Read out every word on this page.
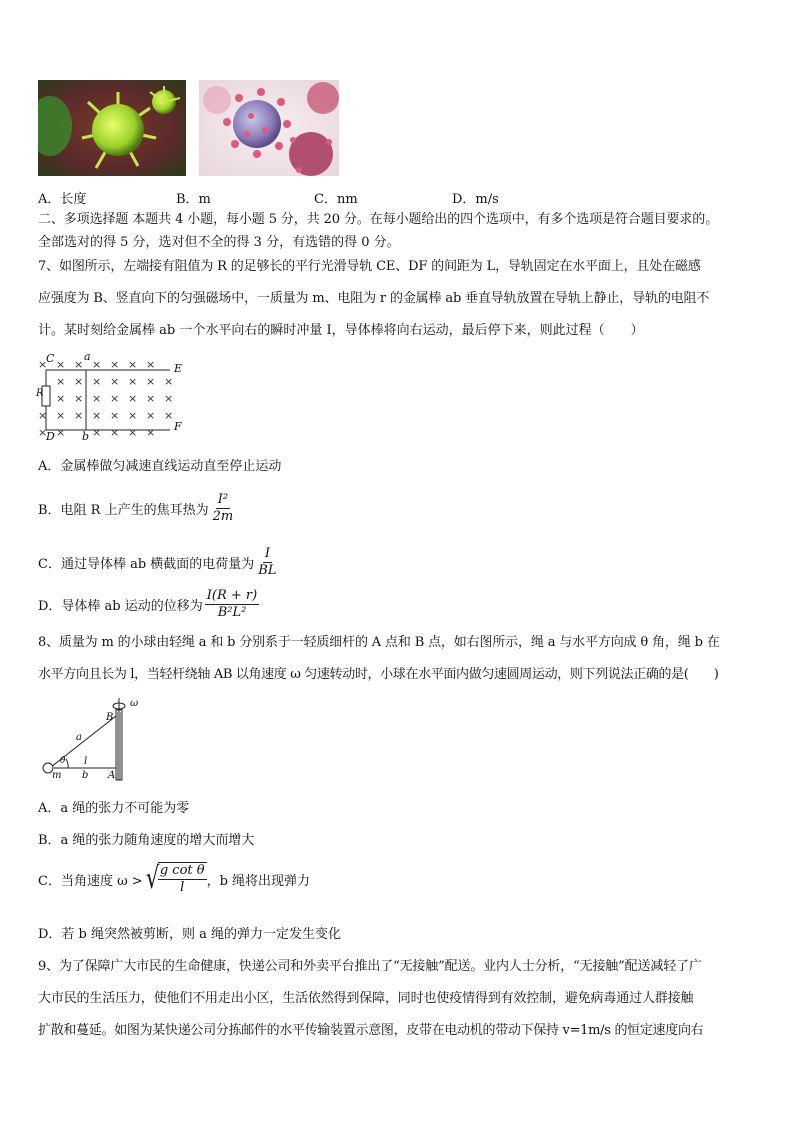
A．长度	B．m	C．nm	D．m/s
二、多项选择题 本题共 4 小题，每小题 5 分，共 20 分。在每小题给出的四个选项中，有多个选项是符合题目要求的。
全部选对的得 5 分，选对但不全的得 3 分，有选错的得 0 分。
7、如图所示，左端接有阻值为 R 的足够长的平行光滑导轨 CE、DF 的间距为 L，导轨固定在水平面上，且处在磁感
应强度为 B、竖直向下的匀强磁场中，一质量为 m、电阻为 r 的金属棒 ab 垂直导轨放置在导轨上静止，导轨的电阻不
计。某时刻给金属棒 ab 一个水平向右的瞬时冲量 I，导体棒将向右运动，最后停下来，则此过程（　　）
× × × × × × ×
× × × × × × ×
× × × × × × ×
× × × × × × × ×
× × × × × ×
C	a
E
R
D b
F
A．金属棒做匀减速直线运动直至停止运动
B．电阻 R 上产生的焦耳热为 $\frac{\text{I²}}{2m}$
C．通过导体棒 ab 横截面的电荷量为 $\frac{I}{BL}$
D．导体棒 ab 运动的位移为 $\frac{I(R + r)}{\text{B²L²}}$
8、质量为 m 的小球由轻绳 a 和 b 分别系于一轻质细杆的 A 点和 B 点，如右图所示，绳 a 与水平方向成 θ 角，绳 b 在
水平方向且长为 l，当轻杆绕轴 AB 以角速度 ω 匀速转动时，小球在水平面内做匀速圆周运动，则下列说法正确的是(　　)
ω
B
a
θ l
m b A
A．a 绳的张力不可能为零
B．a 绳的张力随角速度的增大而增大
C．当角速度 ω > √
$\frac{\text{g cot θ}}{l}$ ，b 绳将出现弹力
D．若 b 绳突然被剪断，则 a 绳的弹力一定发生变化
9、为了保障广大市民的生命健康，快递公司和外卖平台推出了“无接触”配送。业内人士分析，“无接触”配送减轻了广
大市民的生活压力，使他们不用走出小区，生活依然得到保障，同时也使疫情得到有效控制，避免病毒通过人群接触
扩散和蔓延。如图为某快递公司分拣邮件的水平传输装置示意图，皮带在电动机的带动下保持 v=1m/s 的恒定速度向右
